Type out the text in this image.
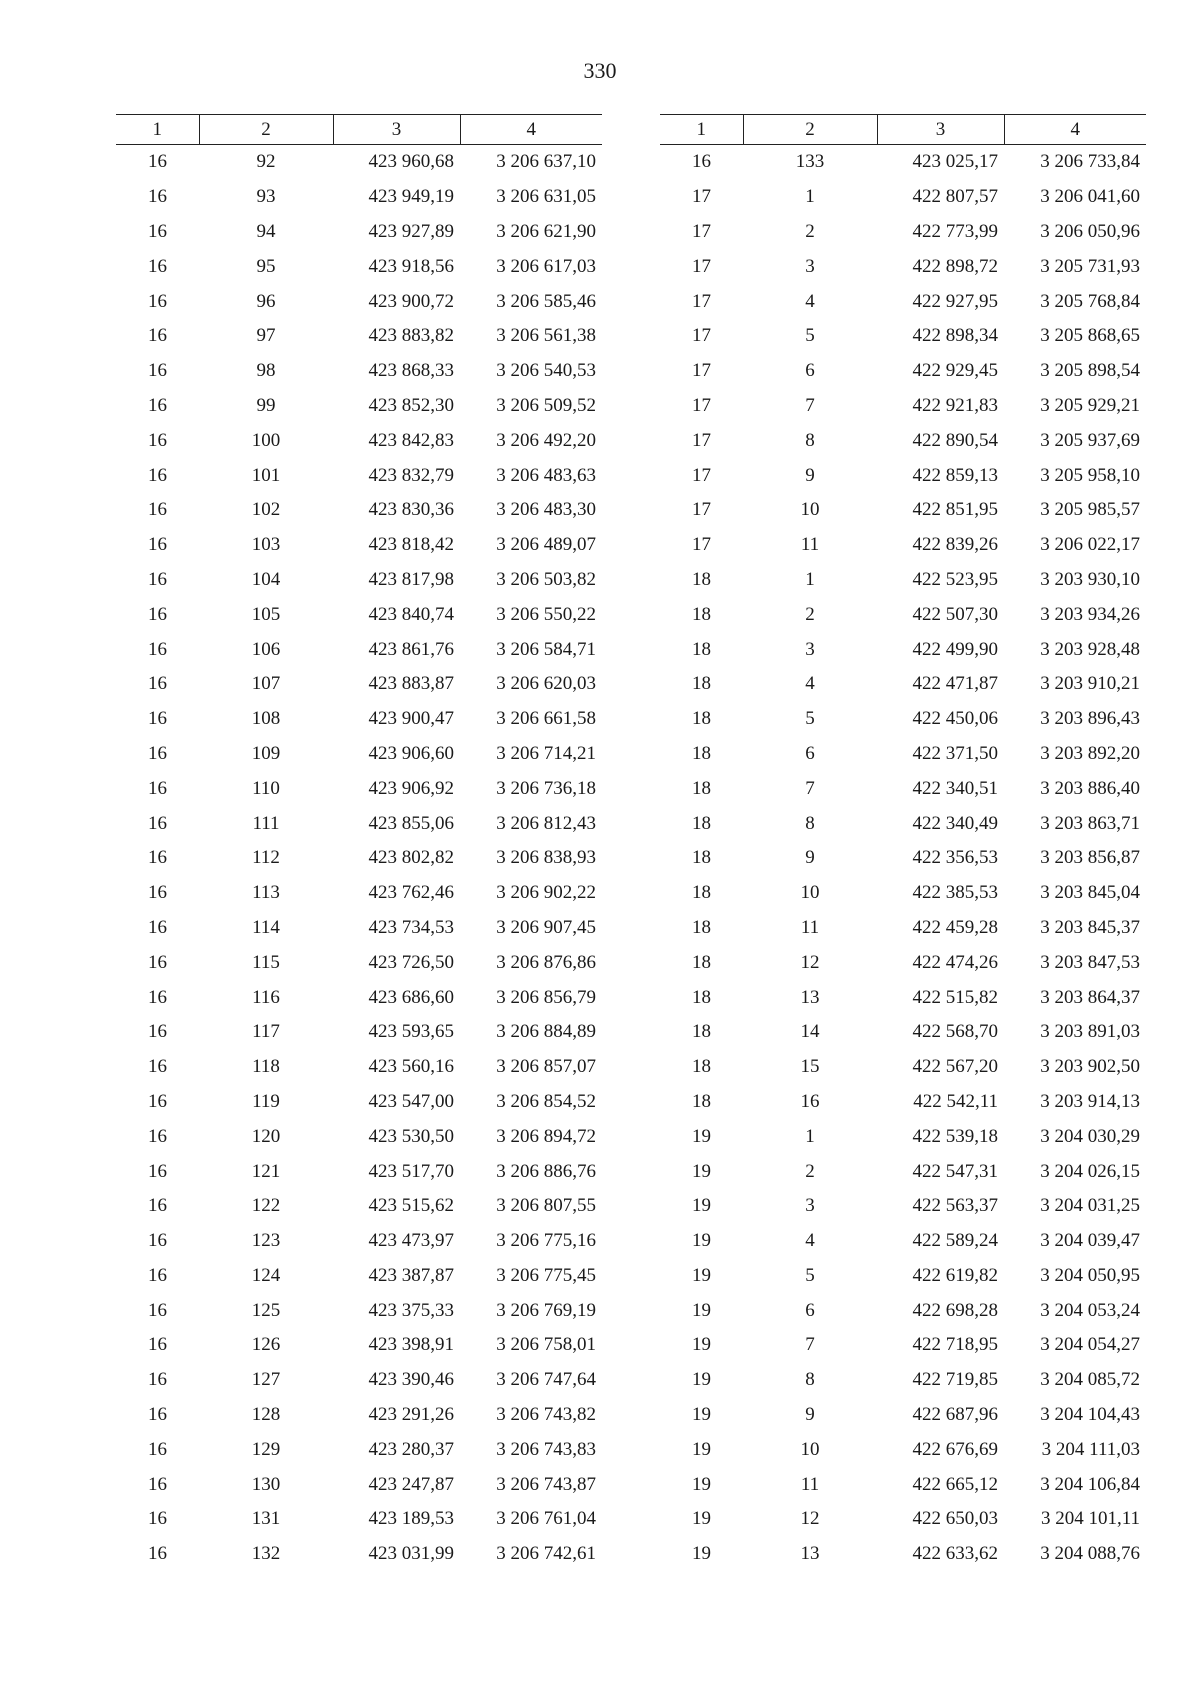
330
1	2	3	4
16	92	423 960,68	3 206 637,10
16	93	423 949,19	3 206 631,05
16	94	423 927,89	3 206 621,90
16	95	423 918,56	3 206 617,03
16	96	423 900,72	3 206 585,46
16	97	423 883,82	3 206 561,38
16	98	423 868,33	3 206 540,53
16	99	423 852,30	3 206 509,52
16	100	423 842,83	3 206 492,20
16	101	423 832,79	3 206 483,63
16	102	423 830,36	3 206 483,30
16	103	423 818,42	3 206 489,07
16	104	423 817,98	3 206 503,82
16	105	423 840,74	3 206 550,22
16	106	423 861,76	3 206 584,71
16	107	423 883,87	3 206 620,03
16	108	423 900,47	3 206 661,58
16	109	423 906,60	3 206 714,21
16	110	423 906,92	3 206 736,18
16	111	423 855,06	3 206 812,43
16	112	423 802,82	3 206 838,93
16	113	423 762,46	3 206 902,22
16	114	423 734,53	3 206 907,45
16	115	423 726,50	3 206 876,86
16	116	423 686,60	3 206 856,79
16	117	423 593,65	3 206 884,89
16	118	423 560,16	3 206 857,07
16	119	423 547,00	3 206 854,52
16	120	423 530,50	3 206 894,72
16	121	423 517,70	3 206 886,76
16	122	423 515,62	3 206 807,55
16	123	423 473,97	3 206 775,16
16	124	423 387,87	3 206 775,45
16	125	423 375,33	3 206 769,19
16	126	423 398,91	3 206 758,01
16	127	423 390,46	3 206 747,64
16	128	423 291,26	3 206 743,82
16	129	423 280,37	3 206 743,83
16	130	423 247,87	3 206 743,87
16	131	423 189,53	3 206 761,04
16	132	423 031,99	3 206 742,61
1	2	3	4
16	133	423 025,17	3 206 733,84
17	1	422 807,57	3 206 041,60
17	2	422 773,99	3 206 050,96
17	3	422 898,72	3 205 731,93
17	4	422 927,95	3 205 768,84
17	5	422 898,34	3 205 868,65
17	6	422 929,45	3 205 898,54
17	7	422 921,83	3 205 929,21
17	8	422 890,54	3 205 937,69
17	9	422 859,13	3 205 958,10
17	10	422 851,95	3 205 985,57
17	11	422 839,26	3 206 022,17
18	1	422 523,95	3 203 930,10
18	2	422 507,30	3 203 934,26
18	3	422 499,90	3 203 928,48
18	4	422 471,87	3 203 910,21
18	5	422 450,06	3 203 896,43
18	6	422 371,50	3 203 892,20
18	7	422 340,51	3 203 886,40
18	8	422 340,49	3 203 863,71
18	9	422 356,53	3 203 856,87
18	10	422 385,53	3 203 845,04
18	11	422 459,28	3 203 845,37
18	12	422 474,26	3 203 847,53
18	13	422 515,82	3 203 864,37
18	14	422 568,70	3 203 891,03
18	15	422 567,20	3 203 902,50
18	16	422 542,11	3 203 914,13
19	1	422 539,18	3 204 030,29
19	2	422 547,31	3 204 026,15
19	3	422 563,37	3 204 031,25
19	4	422 589,24	3 204 039,47
19	5	422 619,82	3 204 050,95
19	6	422 698,28	3 204 053,24
19	7	422 718,95	3 204 054,27
19	8	422 719,85	3 204 085,72
19	9	422 687,96	3 204 104,43
19	10	422 676,69	3 204 111,03
19	11	422 665,12	3 204 106,84
19	12	422 650,03	3 204 101,11
19	13	422 633,62	3 204 088,76
